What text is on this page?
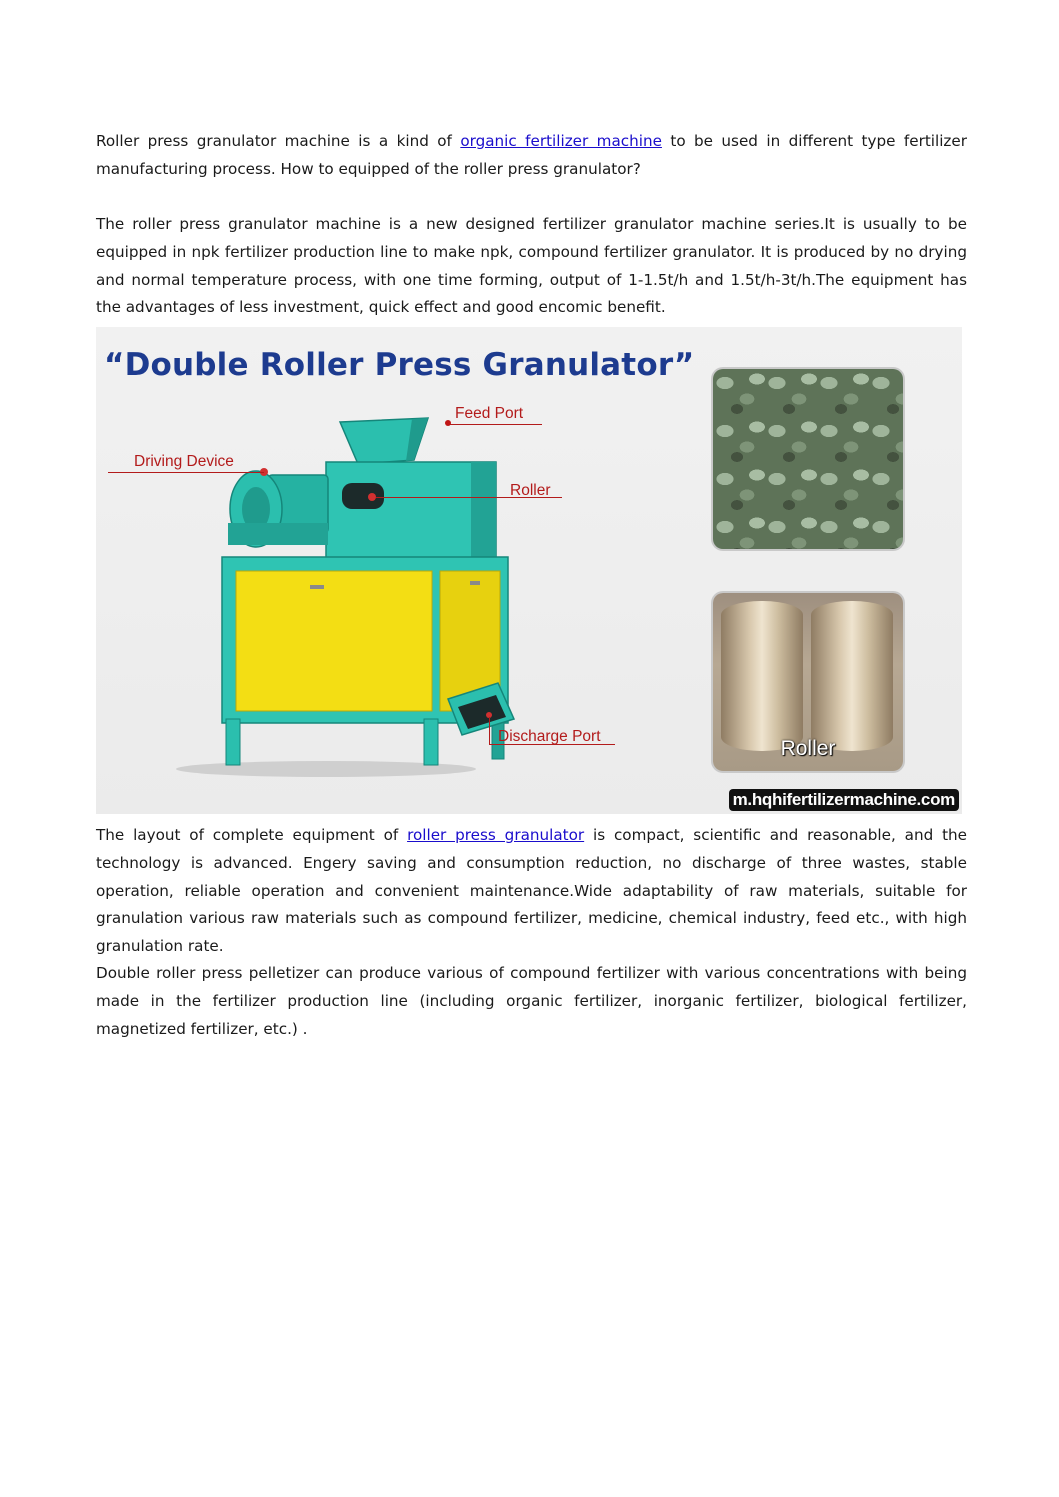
Roller press granulator machine is a kind of organic fertilizer machine to be used in different type fertilizer manufacturing process. How to equipped of the roller press granulator?

The roller press granulator machine is a new designed fertilizer granulator machine series.It is usually to be equipped in npk fertilizer production line to make npk, compound fertilizer granulator. It is produced by no drying and normal temperature process, with one time forming, output of 1-1.5t/h and 1.5t/h-3t/h.The equipment has the advantages of less investment, quick effect and good encomic benefit.

“Double Roller Press Granulator”
Feed Port
Driving Device
Roller
Discharge Port
Roller
m.hqhifertilizermachine.com

The layout of complete equipment of roller press granulator is compact, scientific and reasonable, and the technology is advanced. Engery saving and consumption reduction, no discharge of three wastes, stable operation, reliable operation and convenient maintenance.Wide adaptability of raw materials, suitable for granulation various raw materials such as compound fertilizer, medicine, chemical industry, feed etc., with high granulation rate.

Double roller press pelletizer can produce various of compound fertilizer with various concentrations with being made in the fertilizer production line (including organic fertilizer, inorganic fertilizer, biological fertilizer, magnetized fertilizer, etc.) .
